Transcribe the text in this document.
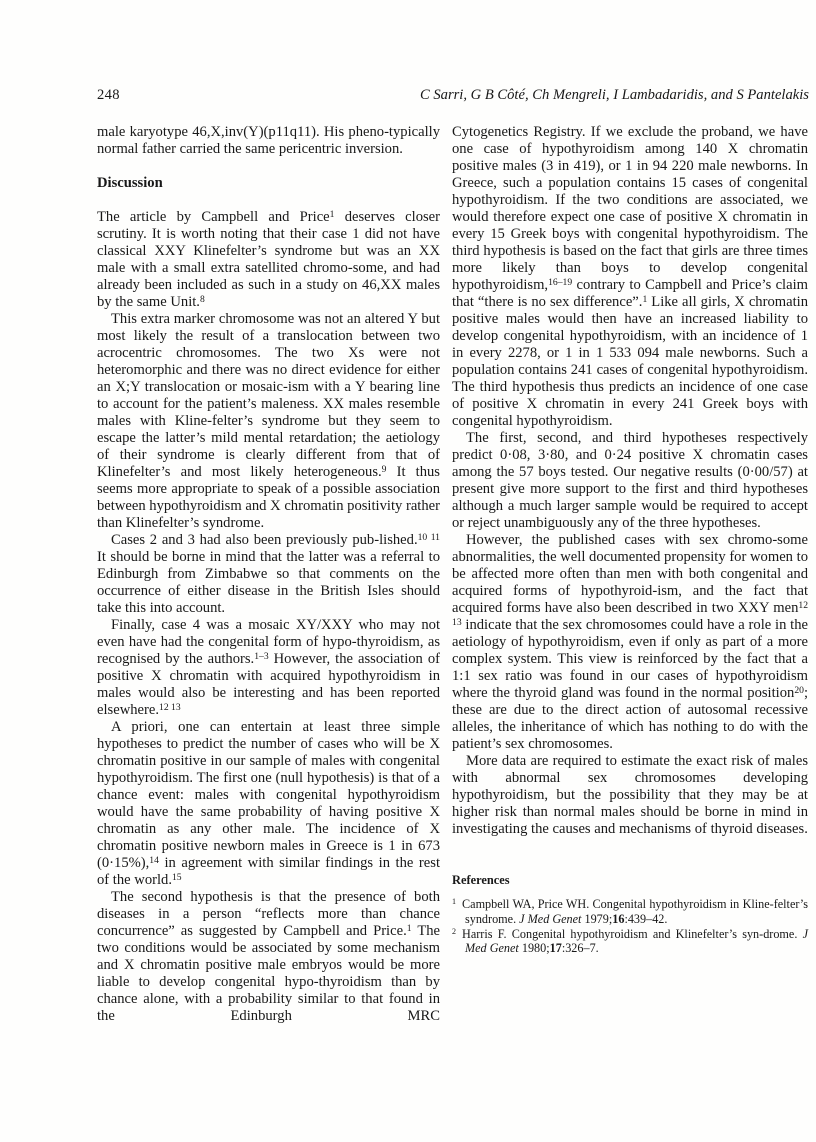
248	C Sarri, G B Côté, Ch Mengreli, I Lambadaridis, and S Pantelakis

male karyotype 46,X,inv(Y)(p11q11). His pheno-typically normal father carried the same pericentric inversion.

Discussion

The article by Campbell and Price$^1$ deserves closer scrutiny. It is worth noting that their case 1 did not have classical XXY Klinefelter’s syndrome but was an XX male with a small extra satellited chromo-some, and had already been included as such in a study on 46,XX males by the same Unit.$^8$

This extra marker chromosome was not an altered Y but most likely the result of a translocation between two acrocentric chromosomes. The two Xs were not heteromorphic and there was no direct evidence for either an X;Y translocation or mosaic-ism with a Y bearing line to account for the patient’s maleness. XX males resemble males with Kline-felter’s syndrome but they seem to escape the latter’s mild mental retardation; the aetiology of their syndrome is clearly different from that of Klinefelter’s and most likely heterogeneous.$^9$ It thus seems more appropriate to speak of a possible association between hypothyroidism and X chromatin positivity rather than Klinefelter’s syndrome.

Cases 2 and 3 had also been previously pub-lished.$^{10 11}$ It should be borne in mind that the latter was a referral to Edinburgh from Zimbabwe so that comments on the occurrence of either disease in the British Isles should take this into account.

Finally, case 4 was a mosaic XY/XXY who may not even have had the congenital form of hypo-thyroidism, as recognised by the authors.$^{1-3}$ However, the association of positive X chromatin with acquired hypothyroidism in males would also be interesting and has been reported elsewhere.$^{12 13}$

A priori, one can entertain at least three simple hypotheses to predict the number of cases who will be X chromatin positive in our sample of males with congenital hypothyroidism. The first one (null hypothesis) is that of a chance event: males with congenital hypothyroidism would have the same probability of having positive X chromatin as any other male. The incidence of X chromatin positive newborn males in Greece is 1 in 673 (0·15%),$^{14}$ in agreement with similar findings in the rest of the world.$^{15}$

The second hypothesis is that the presence of both diseases in a person “reflects more than chance concurrence” as suggested by Campbell and Price.$^1$ The two conditions would be associated by some mechanism and X chromatin positive male embryos would be more liable to develop congenital hypo-thyroidism than by chance alone, with a probability similar to that found in the Edinburgh MRC

Cytogenetics Registry. If we exclude the proband, we have one case of hypothyroidism among 140 X chromatin positive males (3 in 419), or 1 in 94 220 male newborns. In Greece, such a population contains 15 cases of congenital hypothyroidism. If the two conditions are associated, we would therefore expect one case of positive X chromatin in every 15 Greek boys with congenital hypothyroidism. The third hypothesis is based on the fact that girls are three times more likely than boys to develop congenital hypothyroidism,$^{16-19}$ contrary to Campbell and Price’s claim that “there is no sex difference”.$^1$ Like all girls, X chromatin positive males would then have an increased liability to develop congenital hypothyroidism, with an incidence of 1 in every 2278, or 1 in 1 533 094 male newborns. Such a population contains 241 cases of congenital hypothyroidism. The third hypothesis thus predicts an incidence of one case of positive X chromatin in every 241 Greek boys with congenital hypothyroidism.

The first, second, and third hypotheses respectively predict 0·08, 3·80, and 0·24 positive X chromatin cases among the 57 boys tested. Our negative results (0·00/57) at present give more support to the first and third hypotheses although a much larger sample would be required to accept or reject unambiguously any of the three hypotheses.

However, the published cases with sex chromo-some abnormalities, the well documented propensity for women to be affected more often than men with both congenital and acquired forms of hypothyroid-ism, and the fact that acquired forms have also been described in two XXY men$^{12 13}$ indicate that the sex chromosomes could have a role in the aetiology of hypothyroidism, even if only as part of a more complex system. This view is reinforced by the fact that a 1:1 sex ratio was found in our cases of hypothyroidism where the thyroid gland was found in the normal position$^{20}$; these are due to the direct action of autosomal recessive alleles, the inheritance of which has nothing to do with the patient’s sex chromosomes.

More data are required to estimate the exact risk of males with abnormal sex chromosomes developing hypothyroidism, but the possibility that they may be at higher risk than normal males should be borne in mind in investigating the causes and mechanisms of thyroid diseases.

References

$^1$ Campbell WA, Price WH. Congenital hypothyroidism in Kline-felter’s syndrome. J Med Genet 1979;16:439–42.

$^2$ Harris F. Congenital hypothyroidism and Klinefelter’s syn-drome. J Med Genet 1980;17:326–7.
